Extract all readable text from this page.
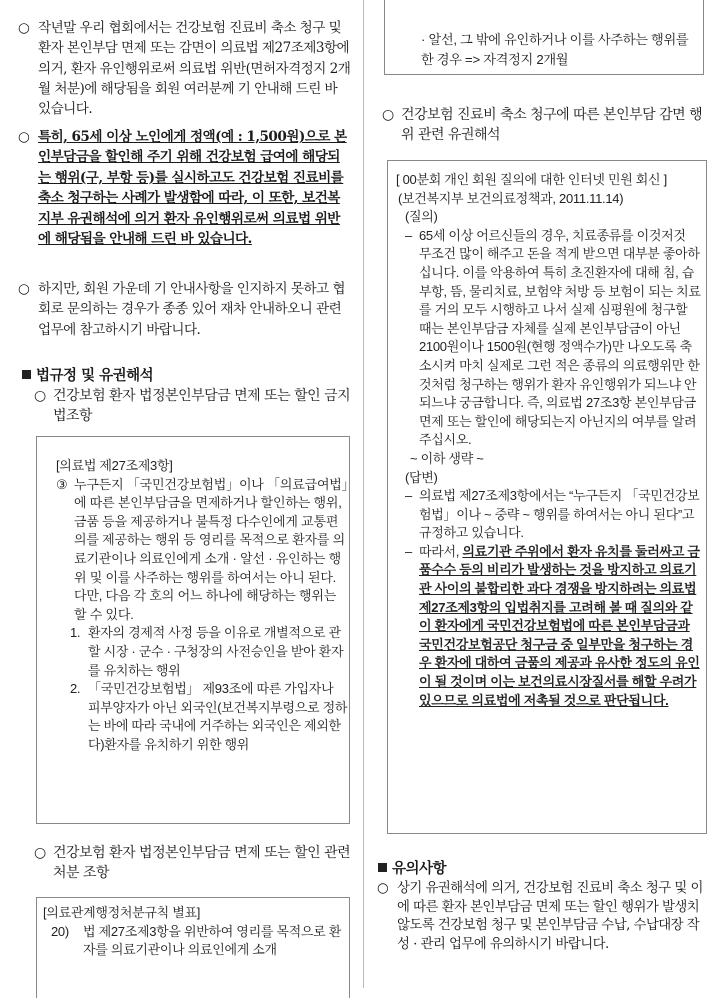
○ 작년말 우리 협회에서는 건강보험 진료비 축소 청구 및 환자 본인부담 면제 또는 감면이 의료법 제27조제3항에 의거, 환자 유인행위로써 의료법 위반(면허자격정지 2개월 처분)에 해당됨을 회원 여러분께 기 안내해 드린 바 있습니다.
○ 특히, 65세 이상 노인에게 정액(예 : 1,500원)으로 본인부담금을 할인해 주기 위해 건강보험 급여에 해당되는 행위(구, 부항 등)를 실시하고도 건강보험 진료비를 축소 청구하는 사례가 발생함에 따라, 이 또한, 보건복지부 유권해석에 의거 환자 유인행위로써 의료법 위반에 해당됨을 안내해 드린 바 있습니다.
○ 하지만, 회원 가운데 기 안내사항을 인지하지 못하고 협회로 문의하는 경우가 종종 있어 재차 안내하오니 관련 업무에 참고하시기 바랍니다.
법규정 및 유권해석
○ 건강보험 환자 법정본인부담금 면제 또는 할인 금지 법조항
[의료법 제27조제3항]
③ 누구든지 「국민건강보험법」이나 「의료급여법」에 따른 본인부담금을 면제하거나 할인하는 행위, 금품 등을 제공하거나 불특정 다수인에게 교통편의를 제공하는 행위 등 영리를 목적으로 환자를 의료기관이나 의료인에게 소개 · 알선 · 유인하는 행위 및 이를 사주하는 행위를 하여서는 아니 된다. 다만, 다음 각 호의 어느 하나에 해당하는 행위는 할 수 있다.
1. 환자의 경제적 사정 등을 이유로 개별적으로 관할 시장 · 군수 · 구청장의 사전승인을 받아 환자를 유치하는 행위
2. 「국민건강보험법」 제93조에 따른 가입자나 피부양자가 아닌 외국인(보건복지부령으로 정하는 바에 따라 국내에 거주하는 외국인은 제외한다)환자를 유치하기 위한 행위
○ 건강보험 환자 법정본인부담금 면제 또는 할인 관련 처분 조항
[의료관계행정처분규칙 별표]
20) 법 제27조제3항을 위반하여 영리를 목적으로 환자를 의료기관이나 의료인에게 소개
· 알선, 그 밖에 유인하거나 이를 사주하는 행위를 한 경우 => 자격정지 2개월
○ 건강보험 진료비 축소 청구에 따른 본인부담 감면 행위 관련 유권해석
[ 00분회 개인 회원 질의에 대한 인터넷 민원 회신 ]
(보건복지부 보건의료정책과, 2011.11.14)
(질의)
– 65세 이상 어르신들의 경우, 치료종류를 이것저것 무조건 많이 해주고 돈을 적게 받으면 대부분 좋아하십니다. 이를 악용하여 특히 초진환자에 대해 침, 습부항, 뜸, 물리치료, 보험약 처방 등 보험이 되는 치료를 거의 모두 시행하고 나서 실제 심평원에 청구할 때는 본인부담금 자체를 실제 본인부담금이 아닌 2100원이나 1500원(현행 정액수가)만 나오도록 축소시켜 마치 실제로 그런 적은 종류의 의료행위만 한 것처럼 청구하는 행위가 환자 유인행위가 되느냐 안되느냐 궁금합니다. 즉, 의료법 27조3항 본인부담금 면제 또는 할인에 해당되는지 아닌지의 여부를 알려주십시오.
~ 이하 생략 ~
(답변)
– 의료법 제27조제3항에서는 “누구든지 「국민건강보험법」이나 ~ 중략 ~ 행위를 하여서는 아니 된다”고 규정하고 있습니다.
– 따라서, 의료기관 주위에서 환자 유치를 둘러싸고 금품수수 등의 비리가 발생하는 것을 방지하고 의료기관 사이의 불합리한 과다 경쟁을 방지하려는 의료법 제27조제3항의 입법취지를 고려해 볼 때 질의와 같이 환자에게 국민건강보험법에 따른 본인부담금과 국민건강보험공단 청구금 중 일부만을 청구하는 경우 환자에 대하여 금품의 제공과 유사한 정도의 유인이 될 것이며 이는 보건의료시장질서를 해할 우려가 있으므로 의료법에 저촉될 것으로 판단됩니다.
유의사항
○ 상기 유권해석에 의거, 건강보험 진료비 축소 청구 및 이에 따른 환자 본인부담금 면제 또는 할인 행위가 발생치 않도록 건강보험 청구 및 본인부담금 수납, 수납대장 작성 · 관리 업무에 유의하시기 바랍니다.
